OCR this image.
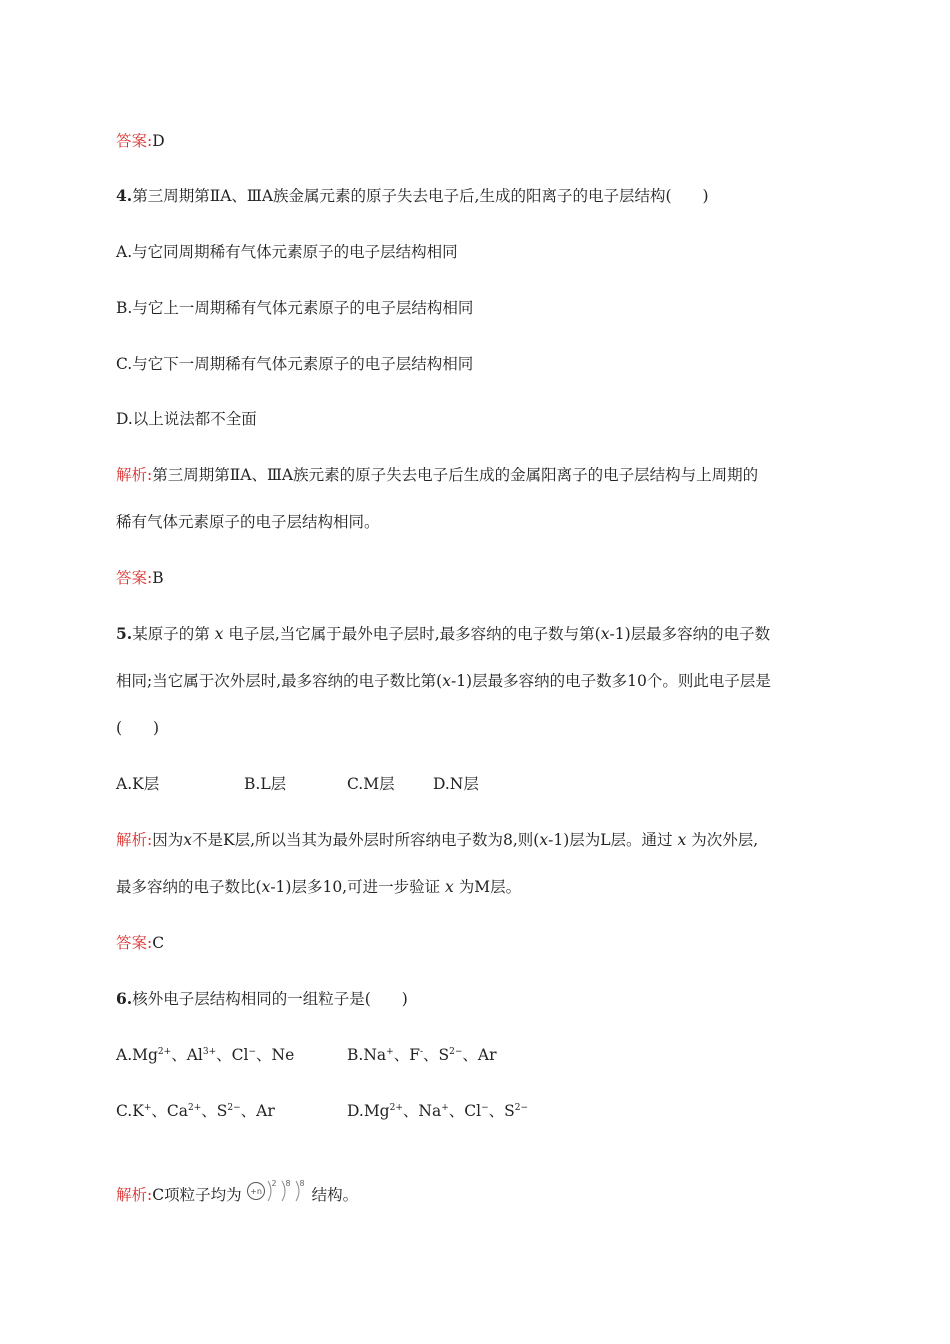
答案:D
4.第三周期第ⅡA、ⅢA族金属元素的原子失去电子后,生成的阳离子的电子层结构(　　)
A.与它同周期稀有气体元素原子的电子层结构相同
B.与它上一周期稀有气体元素原子的电子层结构相同
C.与它下一周期稀有气体元素原子的电子层结构相同
D.以上说法都不全面
解析:第三周期第ⅡA、ⅢA族元素的原子失去电子后生成的金属阳离子的电子层结构与上周期的
稀有气体元素原子的电子层结构相同。
答案:B
5.某原子的第 x 电子层,当它属于最外电子层时,最多容纳的电子数与第(x-1)层最多容纳的电子数
相同;当它属于次外层时,最多容纳的电子数比第(x-1)层最多容纳的电子数多10个。则此电子层是
(　　)
A.K层	B.L层	C.M层 D.N层
解析:因为x不是K层,所以当其为最外层时所容纳电子数为8,则(x-1)层为L层。通过 x 为次外层,
最多容纳的电子数比(x-1)层多10,可进一步验证 x 为M层。
答案:C
6.核外电子层结构相同的一组粒子是(　　)
$A.Mg^{2+}$、$Al^{3+}$、Cl−、Ne	B.Na+、F-、$S^{2-}$、Ar
C.K+、$Ca^{2+}$、$S^{2-}$、Ar	$D.Mg^{2+}$、Na+、Cl−、$S^{2-}$
解析:C项粒子均为 +n
2 8 8
结构。
